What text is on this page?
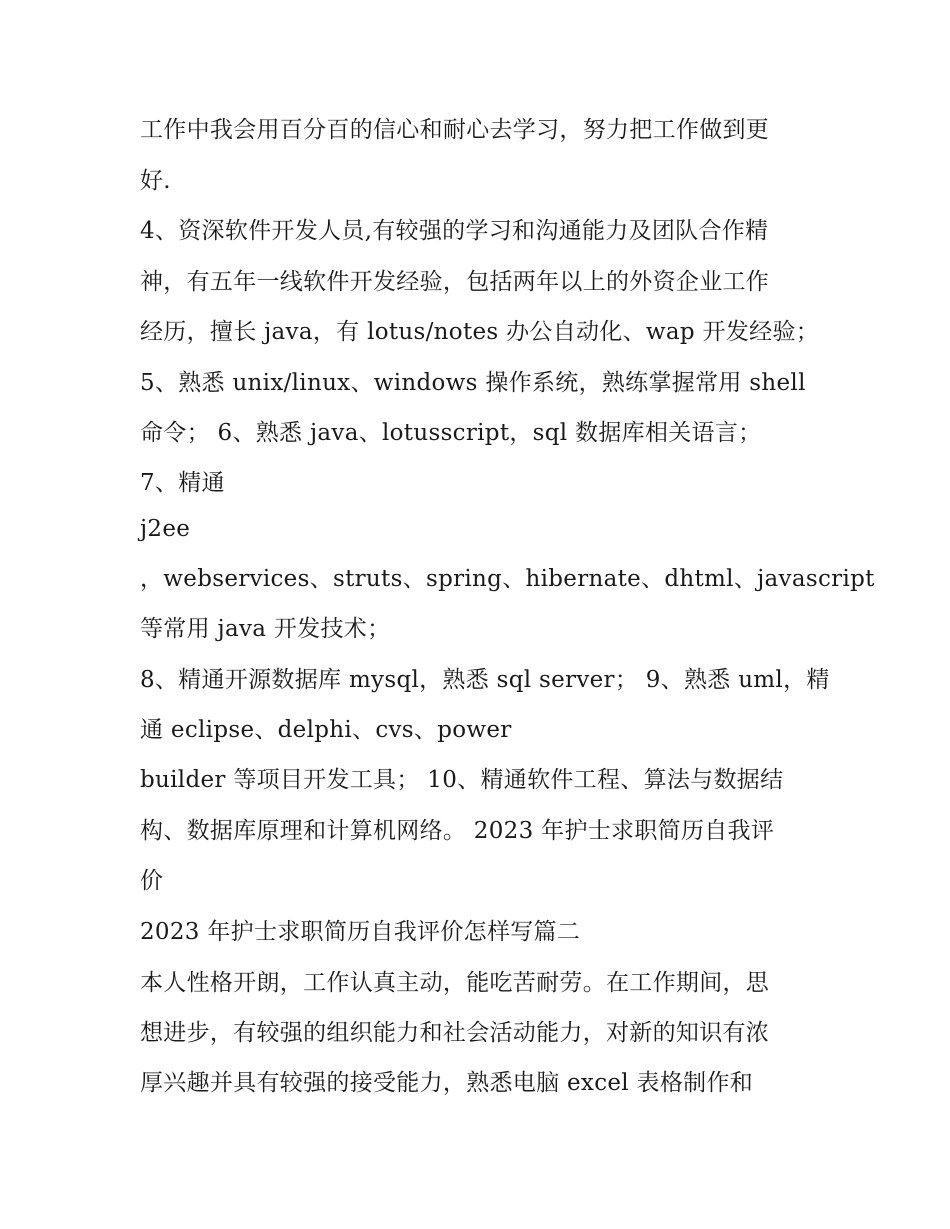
工作中我会用百分百的信心和耐心去学习，努力把工作做到更
好.
4、资深软件开发人员,有较强的学习和沟通能力及团队合作精
神，有五年一线软件开发经验，包括两年以上的外资企业工作
经历，擅长 java，有 lotus/notes 办公自动化、wap 开发经验；
5、熟悉 unix/linux、windows 操作系统，熟练掌握常用 shell
命令； 6、熟悉 java、lotusscript，sql 数据库相关语言；
7、精通
j2ee
，webservices、struts、spring、hibernate、dhtml、javascript
等常用 java 开发技术；
8、精通开源数据库 mysql，熟悉 sql server； 9、熟悉 uml，精
通 eclipse、delphi、cvs、power
builder 等项目开发工具； 10、精通软件工程、算法与数据结
构、数据库原理和计算机网络。 2023 年护士求职简历自我评
价
2023 年护士求职简历自我评价怎样写篇二
本人性格开朗，工作认真主动，能吃苦耐劳。在工作期间，思
想进步，有较强的组织能力和社会活动能力，对新的知识有浓
厚兴趣并具有较强的接受能力，熟悉电脑 excel 表格制作和
